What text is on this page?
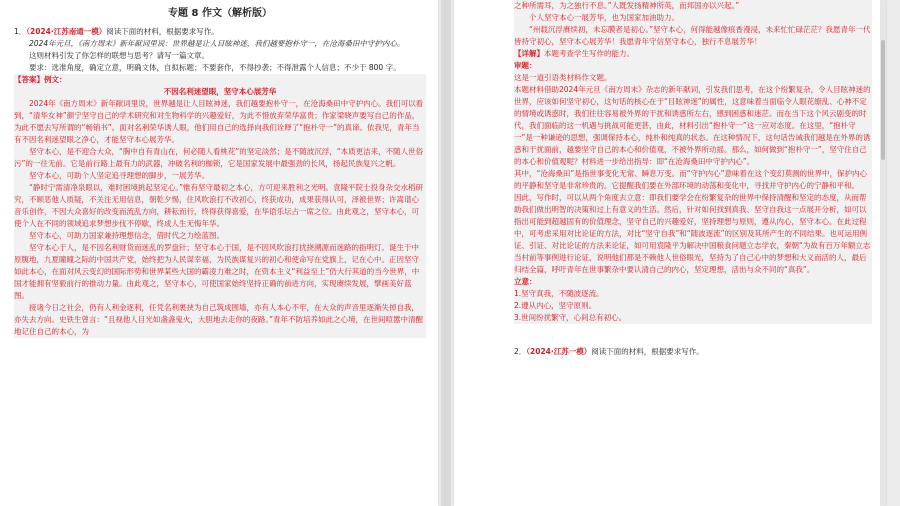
专题 8 作文（解析版）

1．（2024·江苏南通一模）阅读下面的材料，根据要求写作。

2024年元旦，《南方周末》新年献词里说：世界越是让人目眩神迷，我们越要抱朴守一，在沧海桑田中守护内心。

这则材料引发了你怎样的联想与思考？请写一篇文章。

要求：选准角度，确定立意，明确文体，自拟标题；不要套作，不得抄袭；不得泄露个人信息；不少于 800 字。

【答案】例文：

不因名利迷望眼，坚守本心展芳华

2024年《南方周末》新年献词里说，世界越是让人目眩神迷，我们越要抱朴守一，在沧海桑田中守护内心。我们可以看到，“清华女神”颜宁坚守自己的学术研究和对生物科学的兴趣爱好，为此不惜放弃荣华富贵；作家梁晓声要写自己的作品，为此不愿去写所谓的“畅销书”。面对名利荣华诱人眼，他们用自己的选择向我们诠释了“抱朴守一”的真谛。依我见，青年当有不因名利迷望眼之净心，才能坚守本心展芳华。

坚守本心，是不迎合大众，“胸中自有青山在，何必随人看桃花”的坚定淡然；是不随波沉浮，“本质更洁来，不随人世俗污”的一往无前。它是前行路上最有力的武器，冲破名利的枷锁，它是国家发展中最强劲的长风，扬起民族复兴之帆。

坚守本心，可助个人坚定追寻理想的脚步，一展芳华。

“静时宁需清净泉眼以，难时困境挑起坚定心。”惟有坚守最初之本心，方可迎来胜利之光明。袁隆平院士投身杂交水稻研究，不顾恶他人质疑，不关注无用信息，朝乾夕惕，住风吹浪打不改初心，终获成功，成果获得认可，泽被世界；许嵩谱心音乐创作，不因大众喜好的改变而流乱方向，耕耘而行，终得获得喜爱，在华语乐坛占一席之位。由此观之，坚守本心，可使个人在不同的领域追求梦想步伐不停歇，终成人生无悔年华。

坚守本心，可助力国家兼持理想信念，借时代之力绘蓝图。

坚守本心于人，是不因名利财货而迷乱的罗盘针；坚守本心于国，是不因风吹浪打扰挠溯源而迷路的指明灯。诞生于中原腹地，九夏瞳曈之际的中国共产党，始终把为人民谋幸福，为民族谋复兴的初心和使命写在党旗上，记在心中。正因坚守如此本心，在面对风云变幻的国际形势和世界某些大国的霸凌力难之时，在资本主义“利益至上”仍大行其道的当今世界，中国才能拥有坚毅前行的推动力量。由此观之，坚守本心，可使国家始终坚持正确的前进方向，实现赓续发展，擘画美好蓝图。

接诸今日之社会，仍有人利金逐利，任凭名利裹挟为自己筑成围墙，亦有人本心不牢，在大众的声音里逐渐失掉自我，亦失去方向。史铁生曾言：“且视他人目光如盏盏鬼火，大胆地去走你的夜路。”青年不防培养如此之心境，在世间喧嚣中清醒地记住自己的本心，为

之种所需耳，为之独行不息。”人既发扬精神所英，而邦国亦以兴起。”

个人坚守本心一展芳华，也为国家加油助力。

“州载沉浮赓续初，未忘膜者是初心。”坚守本心，何得能越像痕香漫浸，未来忙忙碌茫茫？我愿青年一代皆持守初心，坚守本心展芳华！我愿青年守信坚守本心，独行不息展芳华！

【详解】本题考查学生写作的能力。

审题：

这是一道引语类材料作文题。

本题材料借助2024年元旦《南方周末》杂志的新年献词，引发我们思考，在这个纷繁复杂，令人目眩神迷的世界，应该如何坚守初心，这句话的核心在于“目眩神迷”的属性，这意味着当面临令人眼花缭乱、心神不定的情境或诱惑时，我们往往容易被外界的干扰和诱惑所左右，感到困惑和迷茫。而在当下这个风云剧变的时代，我们面临的这一机遇与挑战可能更甚，由此，材料引出“抱朴守一”这一应对态度。在这里，“抱朴守一”是一种谦逊的思想，强调保持本心，纯朴和纯真的状态。在这种情况下，这句话告诫我们越是在外界的诱惑和干扰面前，越要坚守自己的本心和价值观，不被外界所动摇。那么，如何做到“抱朴守一”，坚守住自己的本心和价值观呢？材料进一步给出指导：即“在沧海桑田中守护内心”。

其中，“沧海桑田”是指世事变化无常、瞬息万变。而“守护内心”意味着在这个变幻莫测的世界中，保护内心的平静和坚守是非常珍贵的。它提醒我们要在外部环境的动荡和变化中，寻找并守护内心的宁静和平和。

因此，写作时，可以从两个角度去立意：即我们要学会在纷繁复杂的世界中保持清醒和坚定的态度，从而帮助我们做出明智的决策和过上有意义的生活。然后，针对如何找到真我、坚守自我这一点展开分析，如可以指出可能到超越固有的价值理念，坚守自己的兴趣爱好，坚持理想与原则，遵从内心，坚守本心。在此过程中，可考虑采用对比论证的方法，对比“坚守自我”和“随波逐流”的区别及其所产生的不同结果。也可运用例证、引证、对比论证的方法来论证，如可用袁隆平为解决中国粮食问题立志学农，秦朝“为故有百万年额立志当村前等事例进行论证，说明他们都是不赖他人世俗眼光，坚持为了自己心中的梦想和大义而活的人，最后归结全篇，呼吁青年在世事繁杂中要认清自己的内心，坚定理想，活出与众不同的“真我”。

立意：

1.坚守真我，不随波逐流。

2.遵从内心，坚守原则。

3.世间纷扰繁守，心间总有初心。

2．（2024·江苏一模）阅读下面的材料，根据要求写作。
